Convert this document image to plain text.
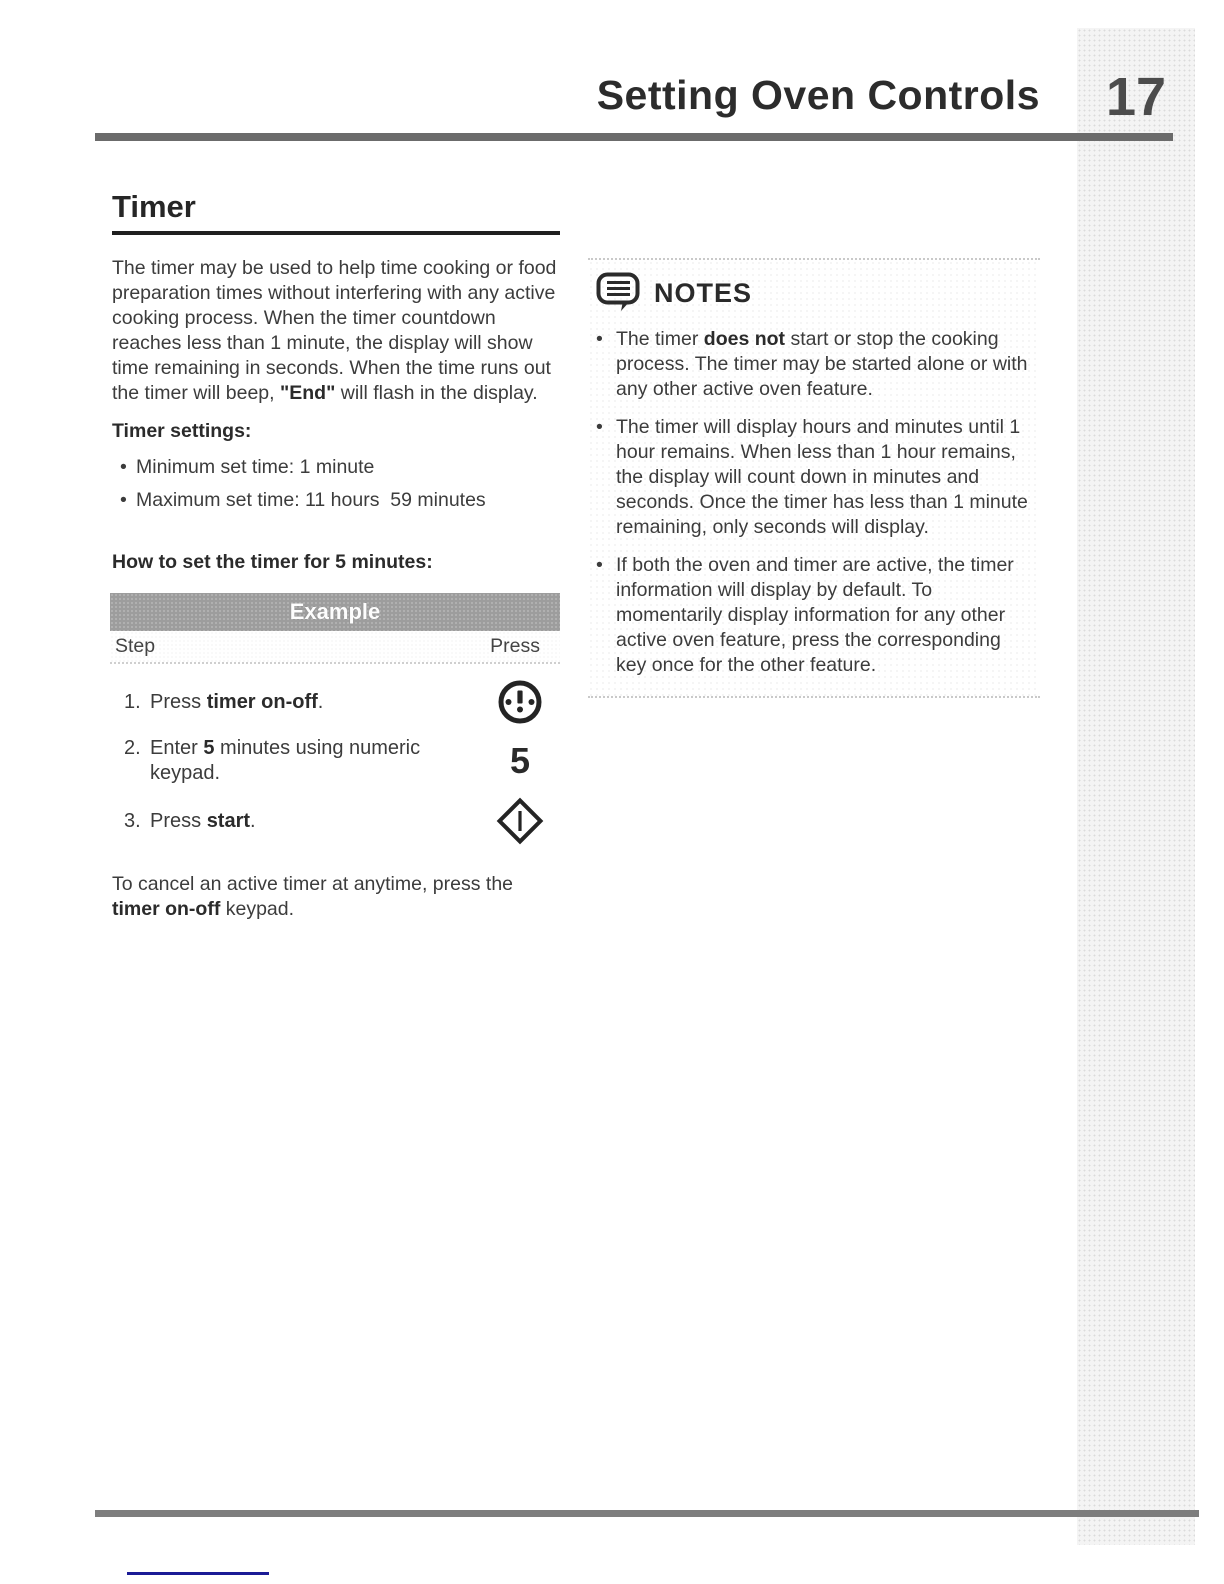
Setting Oven Controls	17
Timer

The timer may be used to help time cooking or food preparation times without interfering with any active cooking process. When the timer countdown reaches less than 1 minute, the display will show time remaining in seconds. When the time runs out the timer will beep, "End" will flash in the display.

Timer settings:

• Minimum set time: 1 minute
• Maximum set time: 11 hours  59 minutes

How to set the timer for 5 minutes:

Example
Step	Press
1. Press timer on-off.
2. Enter 5 minutes using numeric keypad.	5
3. Press start.

To cancel an active timer at anytime, press the timer on-off keypad.

NOTES
• The timer does not start or stop the cooking process. The timer may be started alone or with any other active oven feature.
• The timer will display hours and minutes until 1 hour remains. When less than 1 hour remains, the display will count down in minutes and seconds. Once the timer has less than 1 minute remaining, only seconds will display.
• If both the oven and timer are active, the timer information will display by default. To momentarily display information for any other active oven feature, press the corresponding key once for the other feature.
